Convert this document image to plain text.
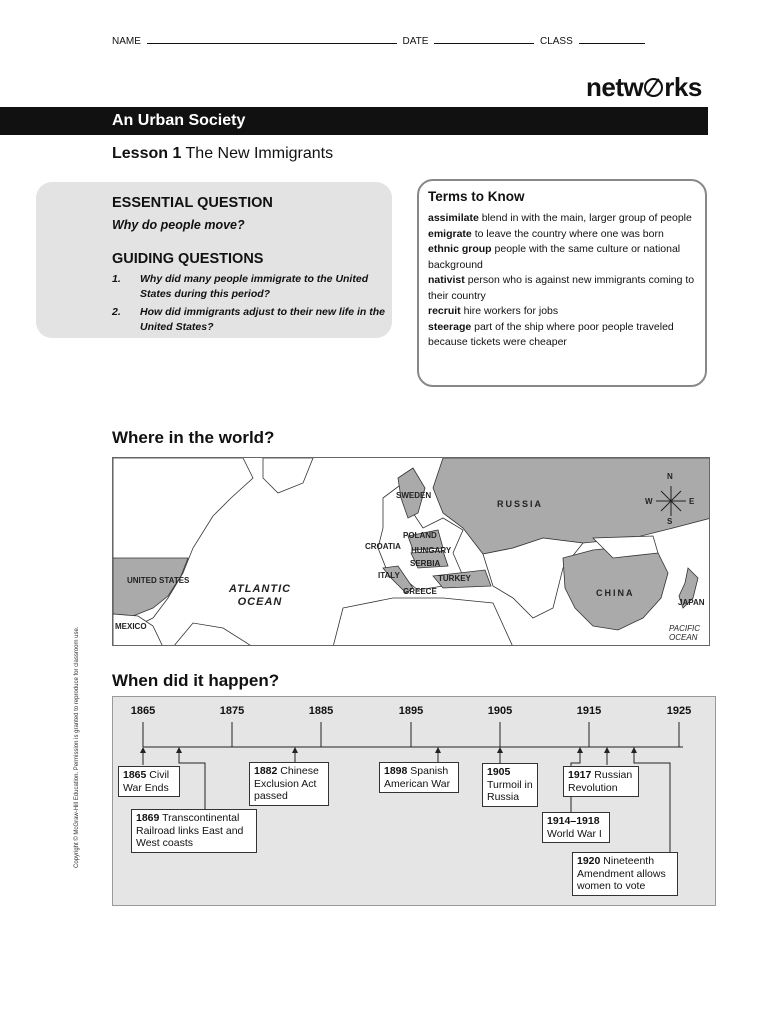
NAME	DATE	CLASS
netw rks
An Urban Society
Lesson 1 The New Immigrants
ESSENTIAL QUESTION
Why do people move?
GUIDING QUESTIONS
1. Why did many people immigrate to the United States during this period?
2. How did immigrants adjust to their new life in the United States?
Terms to Know

assimilate blend in with the main, larger group of people

emigrate to leave the country where one was born

ethnic group people with the same culture or national background

nativist person who is against new immigrants coming to their country

recruit hire workers for jobs

steerage part of the ship where poor people traveled because tickets were cheaper

Where in the world?
UNITED STATES
MEXICO
ATLANTIC OCEAN
SWEDEN
POLAND
CROATIA HUNGARY
SERBIA
ITALY	TURKEY
GREECE
RUSSIA
CHINA
JAPAN
PACIFIC OCEAN
N
S
E
W
When did it happen?
1865	1875	1885	1895	1905	1915	1925
1865 Civil War Ends
1869 Transcontinental Railroad links East and West coasts
1882 Chinese Exclusion Act passed
1898 Spanish American War
1905 Turmoil in Russia
1917 Russian Revolution
1914–1918 World War I
1920 Nineteenth Amendment allows women to vote
Copyright © McGraw-Hill Education. Permission is granted to reproduce for classroom use.
